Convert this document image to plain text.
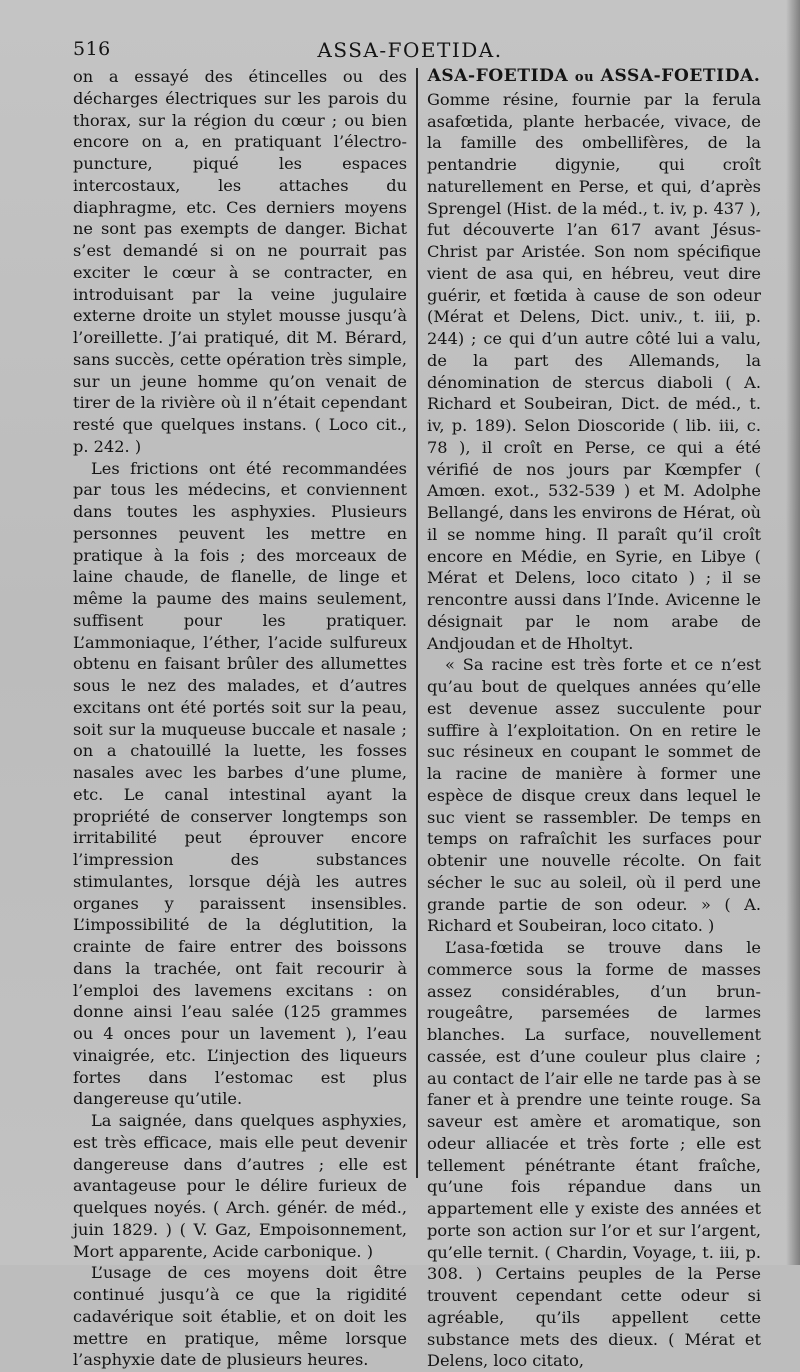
516	ASSA-FOETIDA.

on a essayé des étincelles ou des décharges électriques sur les parois du thorax, sur la région du cœur ; ou bien encore on a, en pratiquant l’électro-puncture, piqué les espaces intercostaux, les attaches du diaphragme, etc. Ces derniers moyens ne sont pas exempts de danger. Bichat s’est demandé si on ne pourrait pas exciter le cœur à se contracter, en introduisant par la veine jugulaire externe droite un stylet mousse jusqu’à l’oreillette. J’ai pratiqué, dit M. Bérard, sans succès, cette opération très simple, sur un jeune homme qu’on venait de tirer de la rivière où il n’était cependant resté que quelques instans. ( Loco cit., p. 242. )

Les frictions ont été recommandées par tous les médecins, et conviennent dans toutes les asphyxies. Plusieurs personnes peuvent les mettre en pratique à la fois ; des morceaux de laine chaude, de flanelle, de linge et même la paume des mains seulement, suffisent pour les pratiquer. L’ammoniaque, l’éther, l’acide sulfureux obtenu en faisant brûler des allumettes sous le nez des malades, et d’autres excitans ont été portés soit sur la peau, soit sur la muqueuse buccale et nasale ; on a chatouillé la luette, les fosses nasales avec les barbes d’une plume, etc. Le canal intestinal ayant la propriété de conserver longtemps son irritabilité peut éprouver encore l’impression des substances stimulantes, lorsque déjà les autres organes y paraissent insensibles. L’impossibilité de la déglutition, la crainte de faire entrer des boissons dans la trachée, ont fait recourir à l’emploi des lavemens excitans : on donne ainsi l’eau salée (125 grammes ou 4 onces pour un lavement ), l’eau vinaigrée, etc. L’injection des liqueurs fortes dans l’estomac est plus dangereuse qu’utile.

La saignée, dans quelques asphyxies, est très efficace, mais elle peut devenir dangereuse dans d’autres ; elle est avantageuse pour le délire furieux de quelques noyés. ( Arch. génér. de méd., juin 1829. ) ( V. Gaz, Empoisonnement, Mort apparente, Acide carbonique. )

L’usage de ces moyens doit être continué jusqu’à ce que la rigidité cadavérique soit établie, et on doit les mettre en pratique, même lorsque l’asphyxie date de plusieurs heures.

ASA-FOETIDA ou ASSA-FOETIDA.

Gomme résine, fournie par la ferula asafœtida, plante herbacée, vivace, de la famille des ombellifères, de la pentandrie digynie, qui croît naturellement en Perse, et qui, d’après Sprengel (Hist. de la méd., t. iv, p. 437 ), fut découverte l’an 617 avant Jésus-Christ par Aristée. Son nom spécifique vient de asa qui, en hébreu, veut dire guérir, et fœtida à cause de son odeur (Mérat et Delens, Dict. univ., t. iii, p. 244) ; ce qui d’un autre côté lui a valu, de la part des Allemands, la dénomination de stercus diaboli ( A. Richard et Soubeiran, Dict. de méd., t. iv, p. 189). Selon Dioscoride ( lib. iii, c. 78 ), il croît en Perse, ce qui a été vérifié de nos jours par Kœmpfer ( Amœn. exot., 532-539 ) et M. Adolphe Bellangé, dans les environs de Hérat, où il se nomme hing. Il paraît qu’il croît encore en Médie, en Syrie, en Libye ( Mérat et Delens, loco citato ) ; il se rencontre aussi dans l’Inde. Avicenne le désignait par le nom arabe de Andjoudan et de Hholtyt.

« Sa racine est très forte et ce n’est qu’au bout de quelques années qu’elle est devenue assez succulente pour suffire à l’exploitation. On en retire le suc résineux en coupant le sommet de la racine de manière à former une espèce de disque creux dans lequel le suc vient se rassembler. De temps en temps on rafraîchit les surfaces pour obtenir une nouvelle récolte. On fait sécher le suc au soleil, où il perd une grande partie de son odeur. » ( A. Richard et Soubeiran, loco citato. )

L’asa-fœtida se trouve dans le commerce sous la forme de masses assez considérables, d’un brun-rougeâtre, parsemées de larmes blanches. La surface, nouvellement cassée, est d’une couleur plus claire ; au contact de l’air elle ne tarde pas à se faner et à prendre une teinte rouge. Sa saveur est amère et aromatique, son odeur alliacée et très forte ; elle est tellement pénétrante étant fraîche, qu’une fois répandue dans un appartement elle y existe des années et porte son action sur l’or et sur l’argent, qu’elle ternit. ( Chardin, Voyage, t. iii, p. 308. ) Certains peuples de la Perse trouvent cependant cette odeur si agréable, qu’ils appellent cette substance mets des dieux. ( Mérat et Delens, loco citato,
